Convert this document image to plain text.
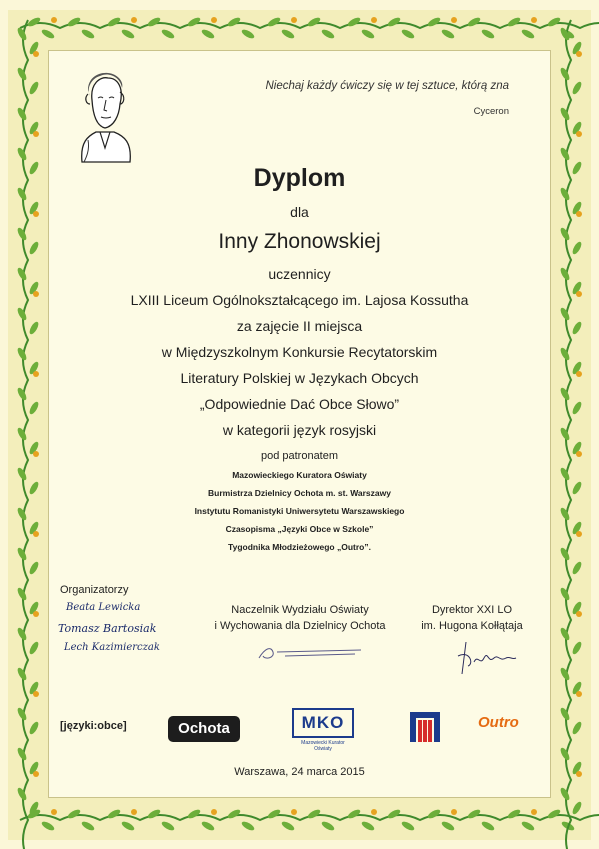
Niechaj każdy ćwiczy się w tej sztuce, którą zna
Cyceron
Dyplom
dla
Inny Zhonowskiej
uczennicy
LXIII Liceum Ogólnokształcącego im. Lajosa Kossutha
za zajęcie II miejsca
w Międzyszkolnym Konkursie Recytatorskim
Literatury Polskiej w Językach Obcych
„Odpowiednie Dać Obce Słowo”
w kategorii język rosyjski
pod patronatem
Mazowieckiego Kuratora Oświaty
Burmistrza Dzielnicy Ochota m. st. Warszawy
Instytutu Romanistyki Uniwersytetu Warszawskiego
Czasopisma „Języki Obce w Szkole”
Tygodnika Młodzieżowego „Outro”.
Organizatorzy
Beata Lewicka
Tomasz Bartosiak
Lech Kazimierczak
Naczelnik Wydziału Oświaty
i Wychowania dla Dzielnicy Ochota
Dyrektor XXI LO
im. Hugona Kołłątaja
[języki:obce]	Ochota	MKO
Mazowiecki Kurator Oświaty
Outro
Warszawa, 24 marca 2015
